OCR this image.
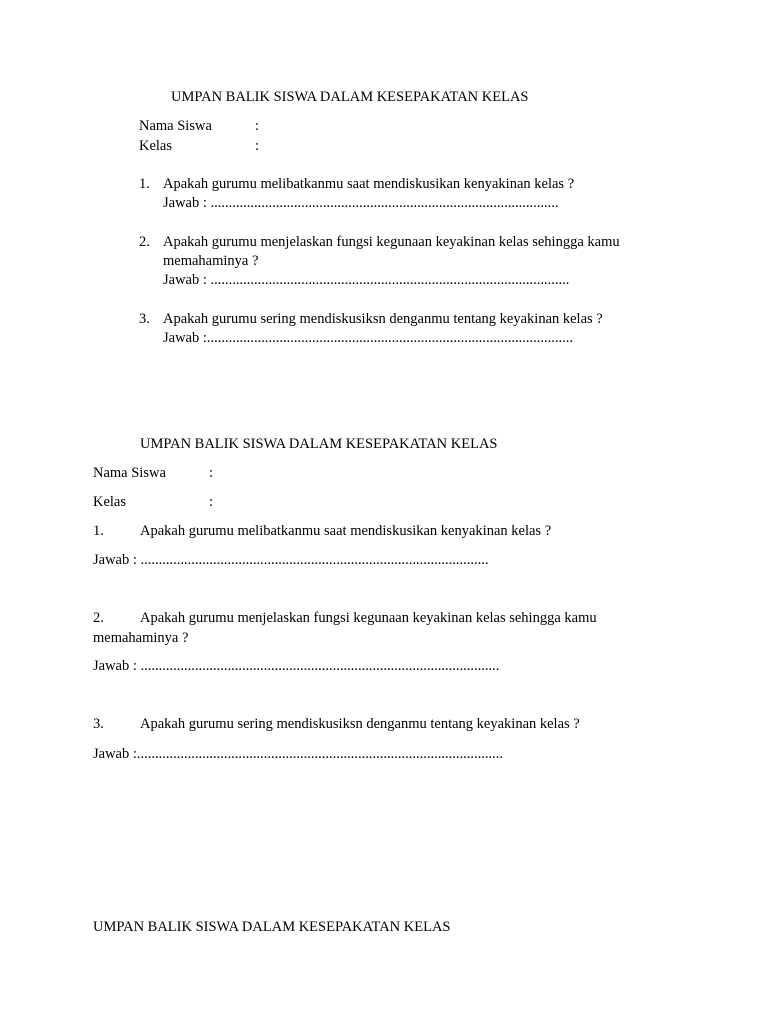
UMPAN BALIK SISWA DALAM KESEPAKATAN KELAS
Nama Siswa	:
Kelas	:
1. Apakah gurumu melibatkanmu saat mendiskusikan kenyakinan kelas ?
Jawab : ................................................................................................
2. Apakah gurumu menjelaskan fungsi kegunaan keyakinan kelas sehingga kamu
memahaminya ?
Jawab : ...................................................................................................
3. Apakah gurumu sering mendiskusiksn denganmu tentang keyakinan kelas ?
Jawab :.....................................................................................................
UMPAN BALIK SISWA DALAM KESEPAKATAN KELAS
Nama Siswa	:
Kelas	:
1. Apakah gurumu melibatkanmu saat mendiskusikan kenyakinan kelas ?
Jawab : ................................................................................................
2. Apakah gurumu menjelaskan fungsi kegunaan keyakinan kelas sehingga kamu
memahaminya ?
Jawab : ...................................................................................................
3. Apakah gurumu sering mendiskusiksn denganmu tentang keyakinan kelas ?
Jawab :.....................................................................................................
UMPAN BALIK SISWA DALAM KESEPAKATAN KELAS
